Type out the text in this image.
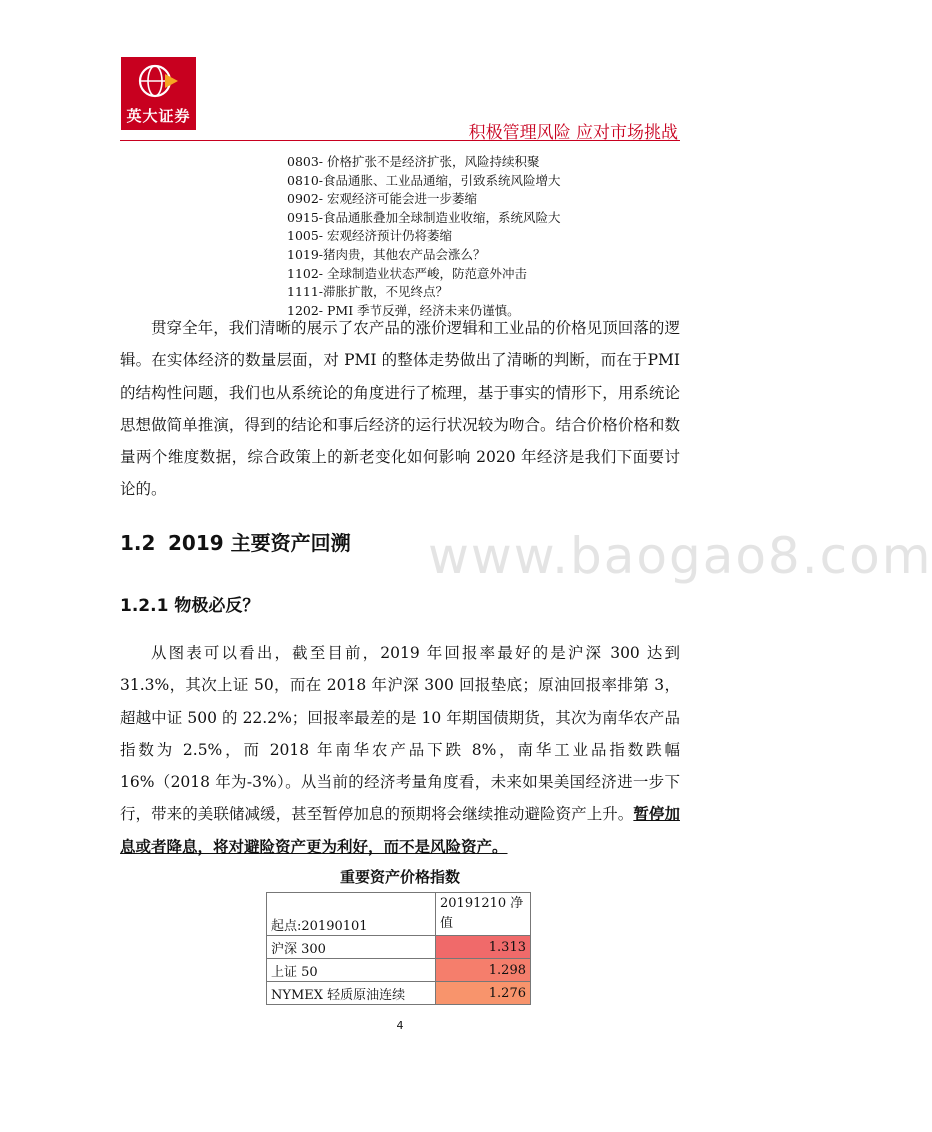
英大证券
积极管理风险 应对市场挑战
0803- 价格扩张不是经济扩张，风险持续积聚
0810-食品通胀、工业品通缩，引致系统风险增大
0902- 宏观经济可能会进一步萎缩
0915-食品通胀叠加全球制造业收缩，系统风险大
1005- 宏观经济预计仍将萎缩
1019-猪肉贵，其他农产品会涨么？
1102- 全球制造业状态严峻，防范意外冲击
1111-滞胀扩散，不见终点？
1202- PMI 季节反弹，经济未来仍谨慎。

贯穿全年，我们清晰的展示了农产品的涨价逻辑和工业品的价格见顶回落的逻辑。在实体经济的数量层面，对 PMI 的整体走势做出了清晰的判断，而在于PMI 的结构性问题，我们也从系统论的角度进行了梳理，基于事实的情形下，用系统论思想做简单推演，得到的结论和事后经济的运行状况较为吻合。结合价格价格和数量两个维度数据，综合政策上的新老变化如何影响 2020 年经济是我们下面要讨论的。

www.baogao8.com
1.2 2019 主要资产回溯
1.2.1 物极必反？

从图表可以看出，截至目前，2019 年回报率最好的是沪深 300 达到 31.3%，其次上证 50，而在 2018 年沪深 300 回报垫底；原油回报率排第 3，超越中证 500 的 22.2%；回报率最差的是 10 年期国债期货，其次为南华农产品指数为 2.5%，而 2018 年南华农产品下跌 8%，南华工业品指数跌幅 16%（2018 年为-3%）。从当前的经济考量角度看，未来如果美国经济进一步下行，带来的美联储减缓，甚至暂停加息的预期将会继续推动避险资产上升。暂停加息或者降息，将对避险资产更为利好，而不是风险资产。

重要资产价格指数
起点:20190101	20191210 净值
沪深 300	1.313
上证 50	1.298
NYMEX 轻质原油连续	1.276
4
